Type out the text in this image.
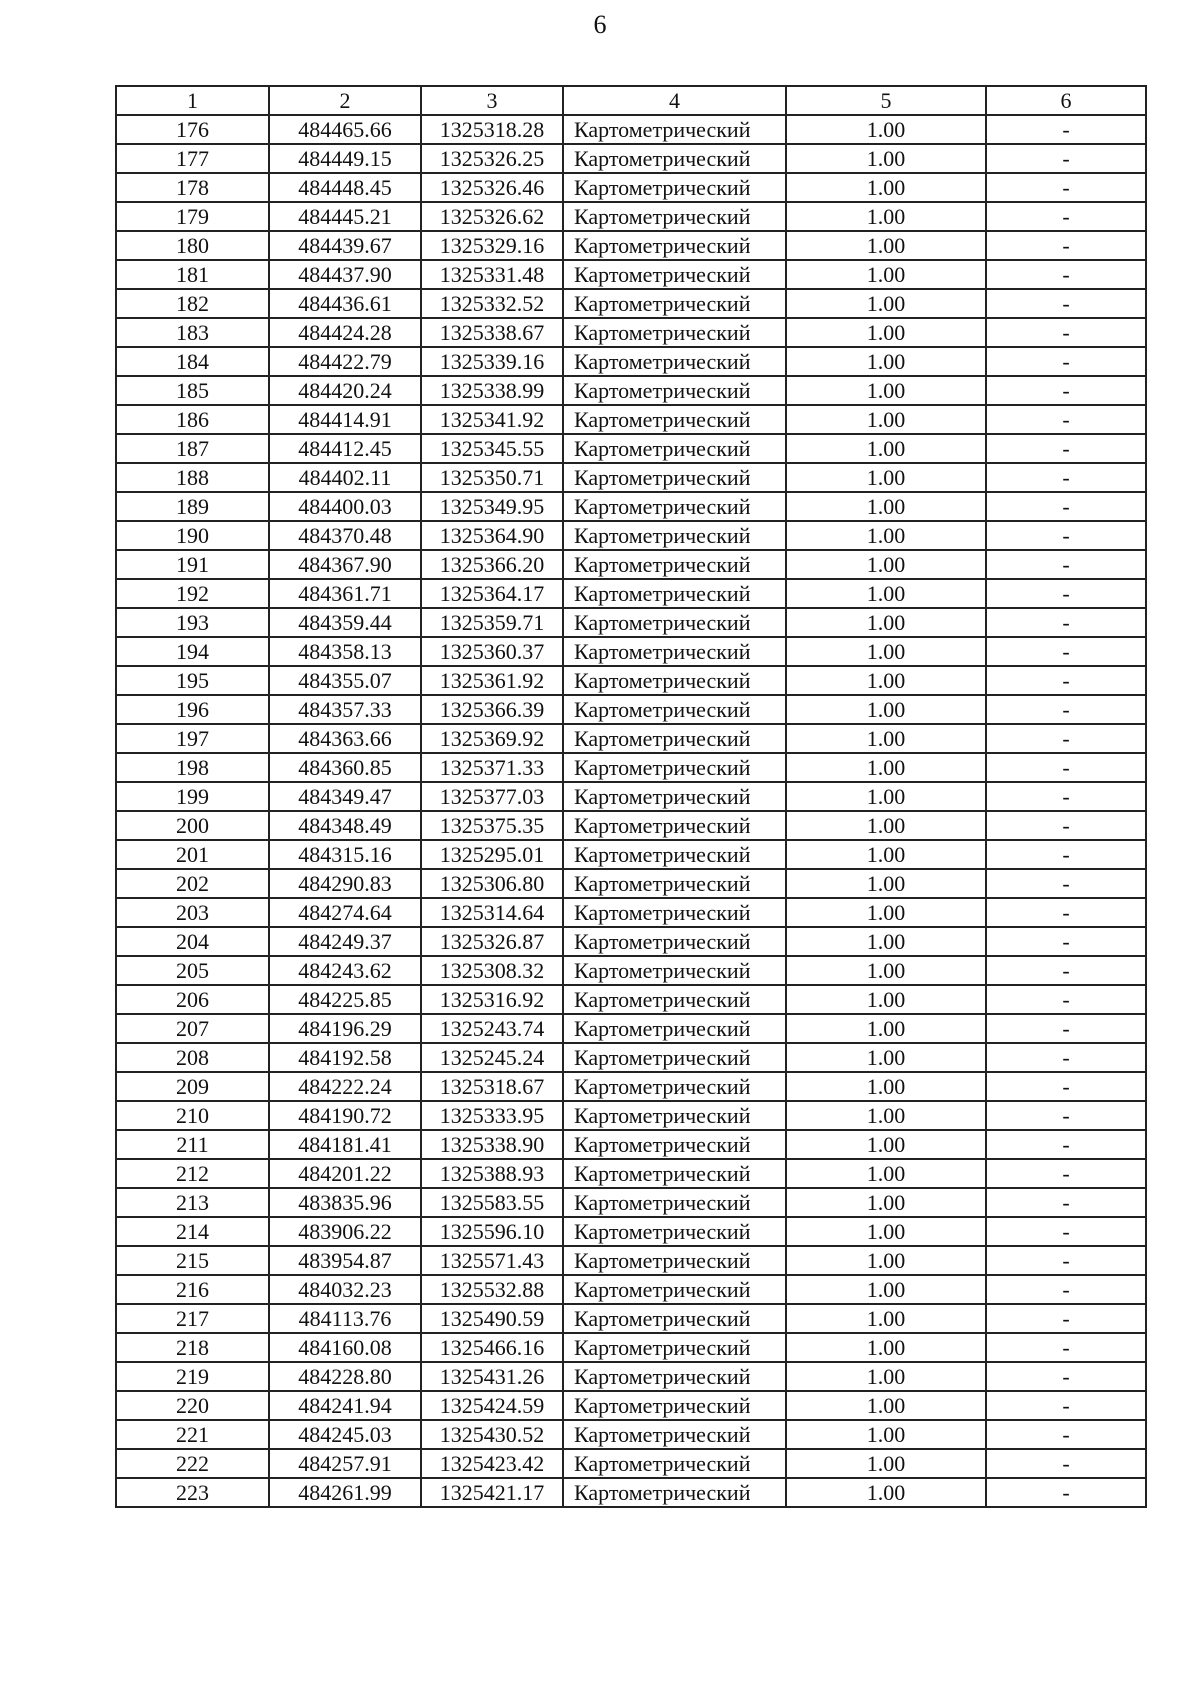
6
1	2	3	4	5	6
176	484465.66	1325318.28	Картометрический	1.00	-
177	484449.15	1325326.25	Картометрический	1.00	-
178	484448.45	1325326.46	Картометрический	1.00	-
179	484445.21	1325326.62	Картометрический	1.00	-
180	484439.67	1325329.16	Картометрический	1.00	-
181	484437.90	1325331.48	Картометрический	1.00	-
182	484436.61	1325332.52	Картометрический	1.00	-
183	484424.28	1325338.67	Картометрический	1.00	-
184	484422.79	1325339.16	Картометрический	1.00	-
185	484420.24	1325338.99	Картометрический	1.00	-
186	484414.91	1325341.92	Картометрический	1.00	-
187	484412.45	1325345.55	Картометрический	1.00	-
188	484402.11	1325350.71	Картометрический	1.00	-
189	484400.03	1325349.95	Картометрический	1.00	-
190	484370.48	1325364.90	Картометрический	1.00	-
191	484367.90	1325366.20	Картометрический	1.00	-
192	484361.71	1325364.17	Картометрический	1.00	-
193	484359.44	1325359.71	Картометрический	1.00	-
194	484358.13	1325360.37	Картометрический	1.00	-
195	484355.07	1325361.92	Картометрический	1.00	-
196	484357.33	1325366.39	Картометрический	1.00	-
197	484363.66	1325369.92	Картометрический	1.00	-
198	484360.85	1325371.33	Картометрический	1.00	-
199	484349.47	1325377.03	Картометрический	1.00	-
200	484348.49	1325375.35	Картометрический	1.00	-
201	484315.16	1325295.01	Картометрический	1.00	-
202	484290.83	1325306.80	Картометрический	1.00	-
203	484274.64	1325314.64	Картометрический	1.00	-
204	484249.37	1325326.87	Картометрический	1.00	-
205	484243.62	1325308.32	Картометрический	1.00	-
206	484225.85	1325316.92	Картометрический	1.00	-
207	484196.29	1325243.74	Картометрический	1.00	-
208	484192.58	1325245.24	Картометрический	1.00	-
209	484222.24	1325318.67	Картометрический	1.00	-
210	484190.72	1325333.95	Картометрический	1.00	-
211	484181.41	1325338.90	Картометрический	1.00	-
212	484201.22	1325388.93	Картометрический	1.00	-
213	483835.96	1325583.55	Картометрический	1.00	-
214	483906.22	1325596.10	Картометрический	1.00	-
215	483954.87	1325571.43	Картометрический	1.00	-
216	484032.23	1325532.88	Картометрический	1.00	-
217	484113.76	1325490.59	Картометрический	1.00	-
218	484160.08	1325466.16	Картометрический	1.00	-
219	484228.80	1325431.26	Картометрический	1.00	-
220	484241.94	1325424.59	Картометрический	1.00	-
221	484245.03	1325430.52	Картометрический	1.00	-
222	484257.91	1325423.42	Картометрический	1.00	-
223	484261.99	1325421.17	Картометрический	1.00	-
